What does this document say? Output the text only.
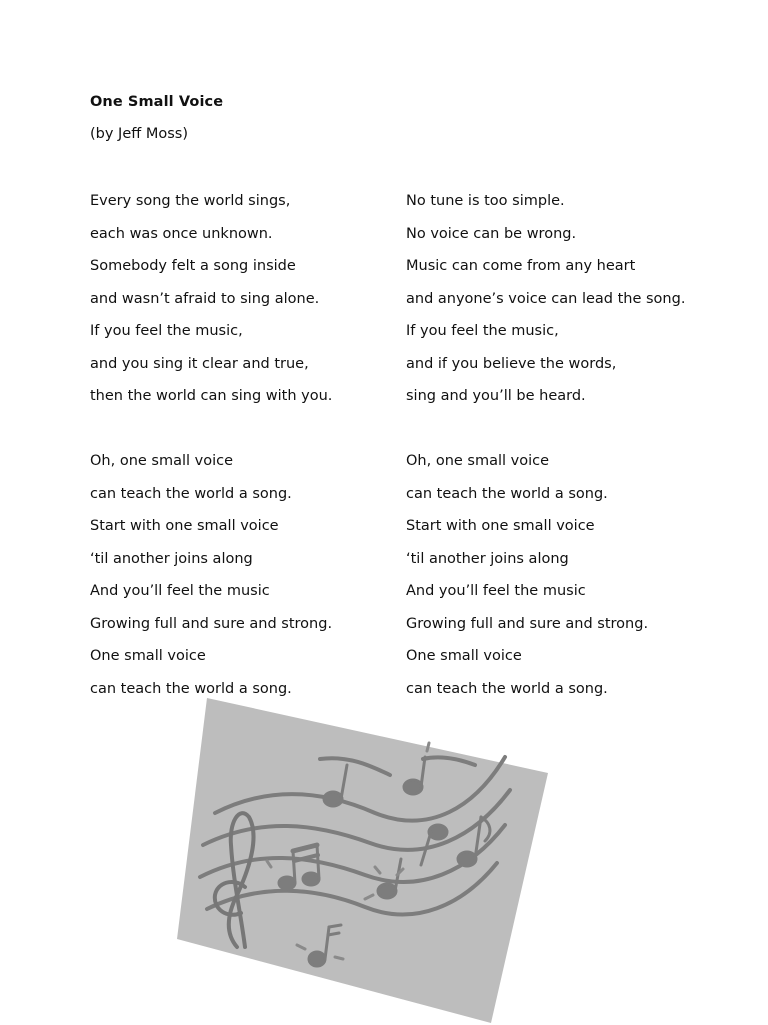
One Small Voice
(by Jeff Moss)
Every song the world sings,
each was once unknown.
Somebody felt a song inside
and wasn’t afraid to sing alone.
If you feel the music,
and you sing it clear and true,
then the world can sing with you.
Oh, one small voice
can teach the world a song.
Start with one small voice
‘til another joins along
And you’ll feel the music
Growing full and sure and strong.
One small voice
can teach the world a song.
No tune is too simple.
No voice can be wrong.
Music can come from any heart
and anyone’s voice can lead the song.
If you feel the music,
and if you believe the words,
sing and you’ll be heard.
Oh, one small voice
can teach the world a song.
Start with one small voice
‘til another joins along
And you’ll feel the music
Growing full and sure and strong.
One small voice
can teach the world a song.
